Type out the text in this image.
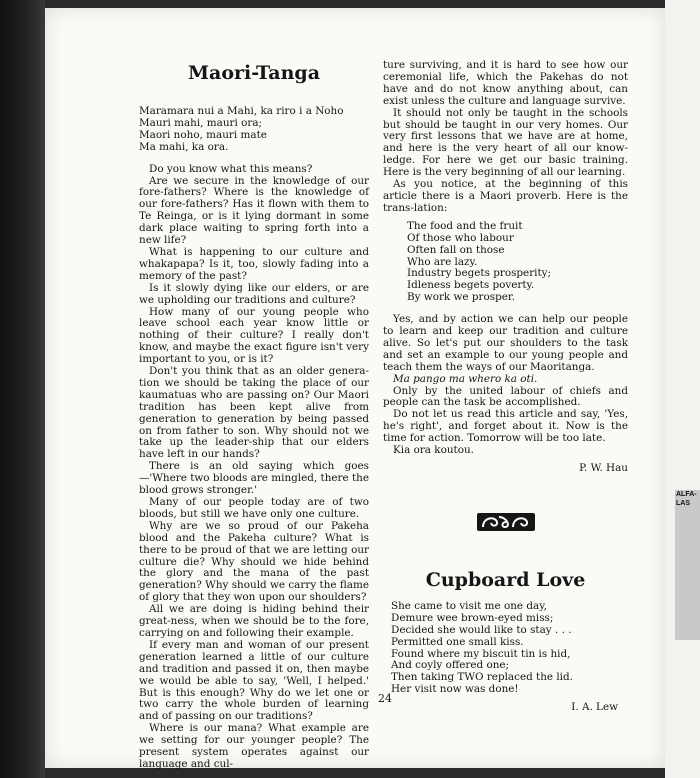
ALFA-
LAS
Maori-Tanga
Maramara nui a Mahi, ka riro i a Noho
Mauri mahi, mauri ora;
Maori noho, mauri mate
Ma mahi, ka ora.

Do you know what this means?

Are we secure in the knowledge of our fore-fathers? Where is the knowledge of our fore-fathers? Has it flown with them to Te Reinga, or is it lying dormant in some dark place waiting to spring forth into a new life?

What is happening to our culture and whakapapa? Is it, too, slowly fading into a memory of the past?

Is it slowly dying like our elders, or are we upholding our traditions and culture?

How many of our young people who leave school each year know little or nothing of their culture? I really don't know, and maybe the exact figure isn't very important to you, or is it?

Don't you think that as an older genera-tion we should be taking the place of our kaumatuas who are passing on? Our Maori tradition has been kept alive from generation to generation by being passed on from father to son. Why should not we take up the leader-ship that our elders have left in our hands?

There is an old saying which goes—'Where two bloods are mingled, there the blood grows stronger.'

Many of our people today are of two bloods, but still we have only one culture.

Why are we so proud of our Pakeha blood and the Pakeha culture? What is there to be proud of that we are letting our culture die? Why should we hide behind the glory and the mana of the past generation? Why should we carry the flame of glory that they won upon our shoulders?

All we are doing is hiding behind their great-ness, when we should be to the fore, carrying on and following their example.

If every man and woman of our present generation learned a little of our culture and tradition and passed it on, then maybe we would be able to say, 'Well, I helped.' But is this enough? Why do we let one or two carry the whole burden of learning and of passing on our traditions?

Where is our mana? What example are we setting for our younger people? The present system operates against our language and cul-

ture surviving, and it is hard to see how our ceremonial life, which the Pakehas do not have and do not know anything about, can exist unless the culture and language survive.

It should not only be taught in the schools but should be taught in our very homes. Our very first lessons that we have are at home, and here is the very heart of all our know-ledge. For here we get our basic training. Here is the very beginning of all our learning.

As you notice, at the beginning of this article there is a Maori proverb. Here is the trans-lation:

The food and the fruit
Of those who labour
Often fall on those
Who are lazy.
Industry begets prosperity;
Idleness begets poverty.
By work we prosper.

Yes, and by action we can help our people to learn and keep our tradition and culture alive. So let's put our shoulders to the task and set an example to our young people and teach them the ways of our Maoritanga.

Ma pango ma whero ka oti.

Only by the united labour of chiefs and people can the task be accomplished.

Do not let us read this article and say, 'Yes, he's right', and forget about it. Now is the time for action. Tomorrow will be too late.

Kia ora koutou.

P. W. Hau

Cupboard Love
She came to visit me one day,
Demure wee brown-eyed miss;
Decided she would like to stay . . .
Permitted one small kiss.
Found where my biscuit tin is hid,
And coyly offered one;
Then taking TWO replaced the lid.
Her visit now was done!

I. A. Lew

24
